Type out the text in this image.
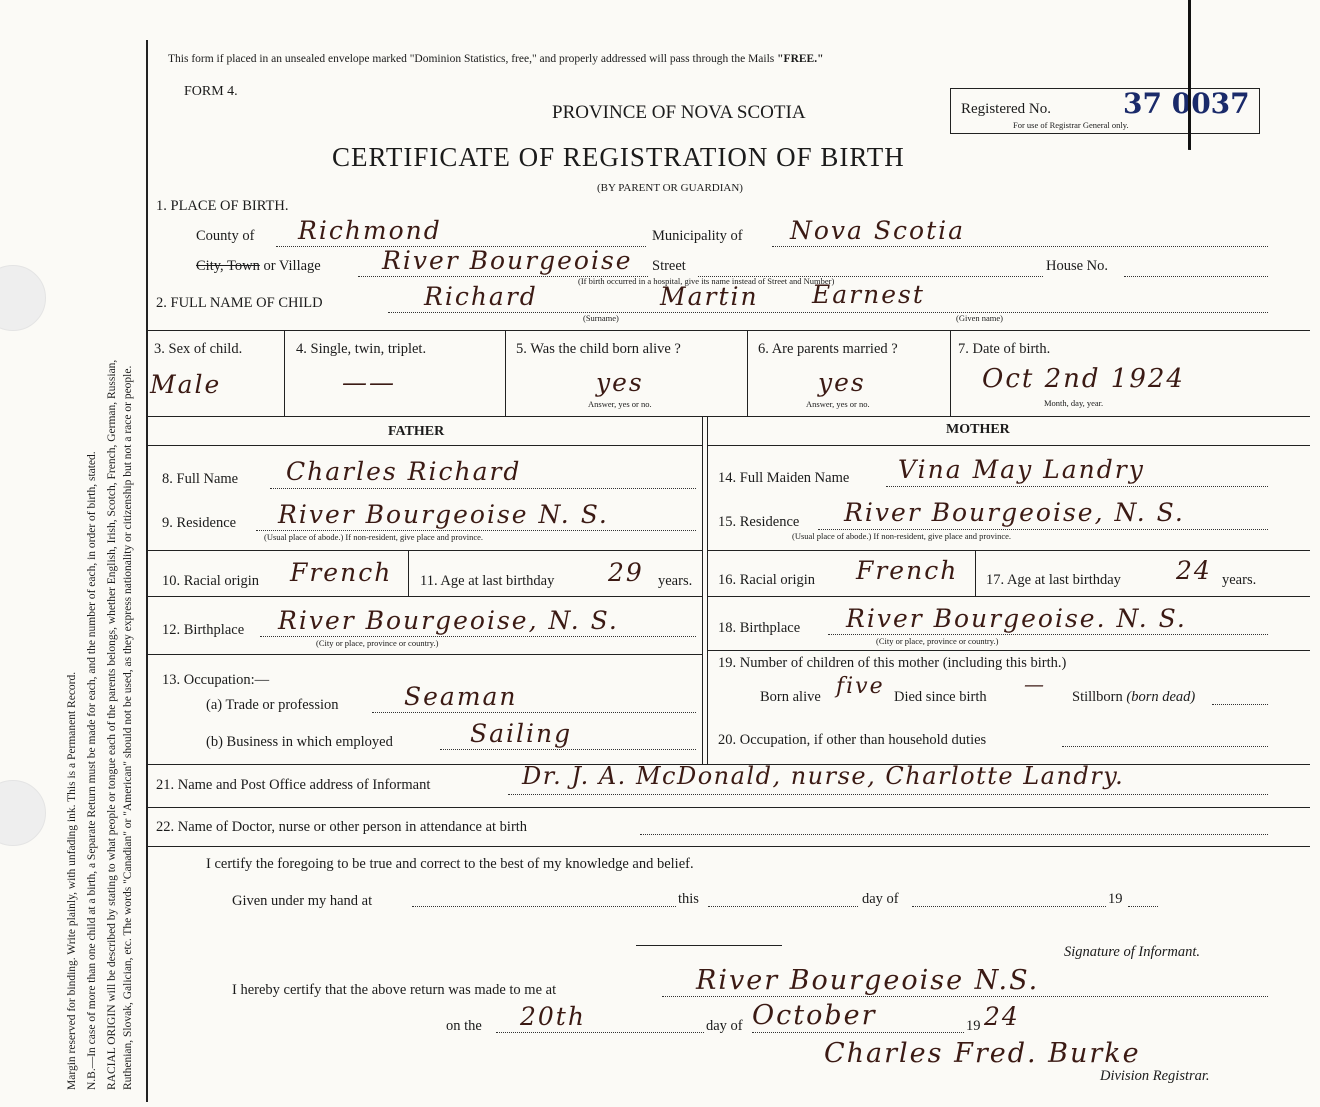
Margin reserved for binding. Write plainly, with unfading ink. This is a Permanent Record. N.B.—In case of more than one child at a birth, a Separate Return must be made for each, and the number of each, in order of birth, stated. RACIAL ORIGIN will be described by stating to what people or tongue each of the parents belongs, whether English, Irish, Scotch, French, German, Russian, Ruthenian, Slovak, Galician, etc. The words "Canadian" or "American" should not be used, as they express nationality or citizenship but not a race or people.
This form if placed in an unsealed envelope marked "Dominion Statistics, free," and properly addressed will pass through the Mails "FREE."
FORM 4.
PROVINCE OF NOVA SCOTIA
CERTIFICATE OF REGISTRATION OF BIRTH
(BY PARENT OR GUARDIAN)
Registered No.	37 0037
For use of Registrar General only.
1. PLACE OF BIRTH.
County of Richmond	Municipality of Nova Scotia
City, Town or Village River Bourgeoise Street
(If birth occurred in a hospital, give its name instead of Street and Number)
House No.
2. FULL NAME OF CHILD	Richard	Martin Earnest
(Surname)	(Given name)
3. Sex of child.
Male
4. Single, twin, triplet.
——
5. Was the child born alive ?
yes
Answer, yes or no.
6. Are parents married ?
yes
Answer, yes or no.
7. Date of birth.
Oct 2nd 1924
Month, day, year.
FATHER	MOTHER
8. Full Name Charles Richard
9. Residence River Bourgeoise N. S.
(Usual place of abode.) If non-resident, give place and province.
10. Racial origin French 11. Age at last birthday 29 years.
12. Birthplace River Bourgeoise, N. S.
(City or place, province or country.)
13. Occupation:—
(a) Trade or profession	Seaman
(b) Business in which employed	Sailing
14. Full Maiden Name Vina May Landry
15. Residence River Bourgeoise, N. S.
(Usual place of abode.) If non-resident, give place and province.
16. Racial origin French 17. Age at last birthday 24 years.
18. Birthplace River Bourgeoise. N. S.
(City or place, province or country.)
19. Number of children of this mother (including this birth.)
Born alive five Died since birth
—
Stillborn (born dead)
20. Occupation, if other than household duties
21. Name and Post Office address of Informant	Dr. J. A. McDonald, nurse, Charlotte Landry.
22. Name of Doctor, nurse or other person in attendance at birth
I certify the foregoing to be true and correct to the best of my knowledge and belief.
Given under my hand at	this	day of	19
Signature of Informant.
I hereby certify that the above return was made to me at	River Bourgeoise N.S.
on the 20th	day of October	19 24
Charles Fred. Burke
Division Registrar.
